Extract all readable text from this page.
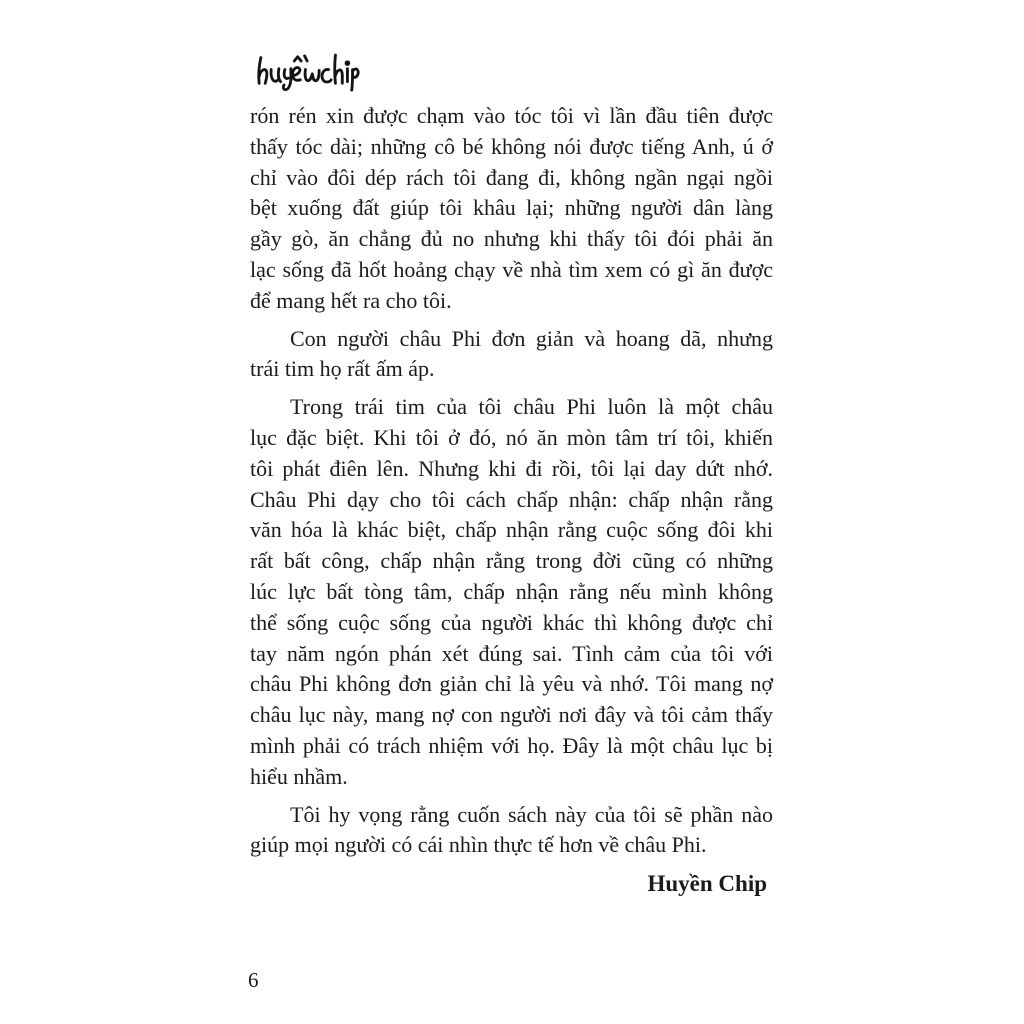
rón rén xin được chạm vào tóc tôi vì lần đầu tiên được
thấy tóc dài; những cô bé không nói được tiếng Anh, ú ớ
chỉ vào đôi dép rách tôi đang đi, không ngần ngại ngồi
bệt xuống đất giúp tôi khâu lại; những người dân làng
gầy gò, ăn chẳng đủ no nhưng khi thấy tôi đói phải ăn
lạc sống đã hốt hoảng chạy về nhà tìm xem có gì ăn được
để mang hết ra cho tôi.
Con người châu Phi đơn giản và hoang dã, nhưng
trái tim họ rất ấm áp.
Trong trái tim của tôi châu Phi luôn là một châu
lục đặc biệt. Khi tôi ở đó, nó ăn mòn tâm trí tôi, khiến
tôi phát điên lên. Nhưng khi đi rồi, tôi lại day dứt nhớ.
Châu Phi dạy cho tôi cách chấp nhận: chấp nhận rằng
văn hóa là khác biệt, chấp nhận rằng cuộc sống đôi khi
rất bất công, chấp nhận rằng trong đời cũng có những
lúc lực bất tòng tâm, chấp nhận rằng nếu mình không
thể sống cuộc sống của người khác thì không được chỉ
tay năm ngón phán xét đúng sai. Tình cảm của tôi với
châu Phi không đơn giản chỉ là yêu và nhớ. Tôi mang nợ
châu lục này, mang nợ con người nơi đây và tôi cảm thấy
mình phải có trách nhiệm với họ. Đây là một châu lục bị
hiểu nhầm.
Tôi hy vọng rằng cuốn sách này của tôi sẽ phần nào
giúp mọi người có cái nhìn thực tế hơn về châu Phi.
Huyền Chip
6
